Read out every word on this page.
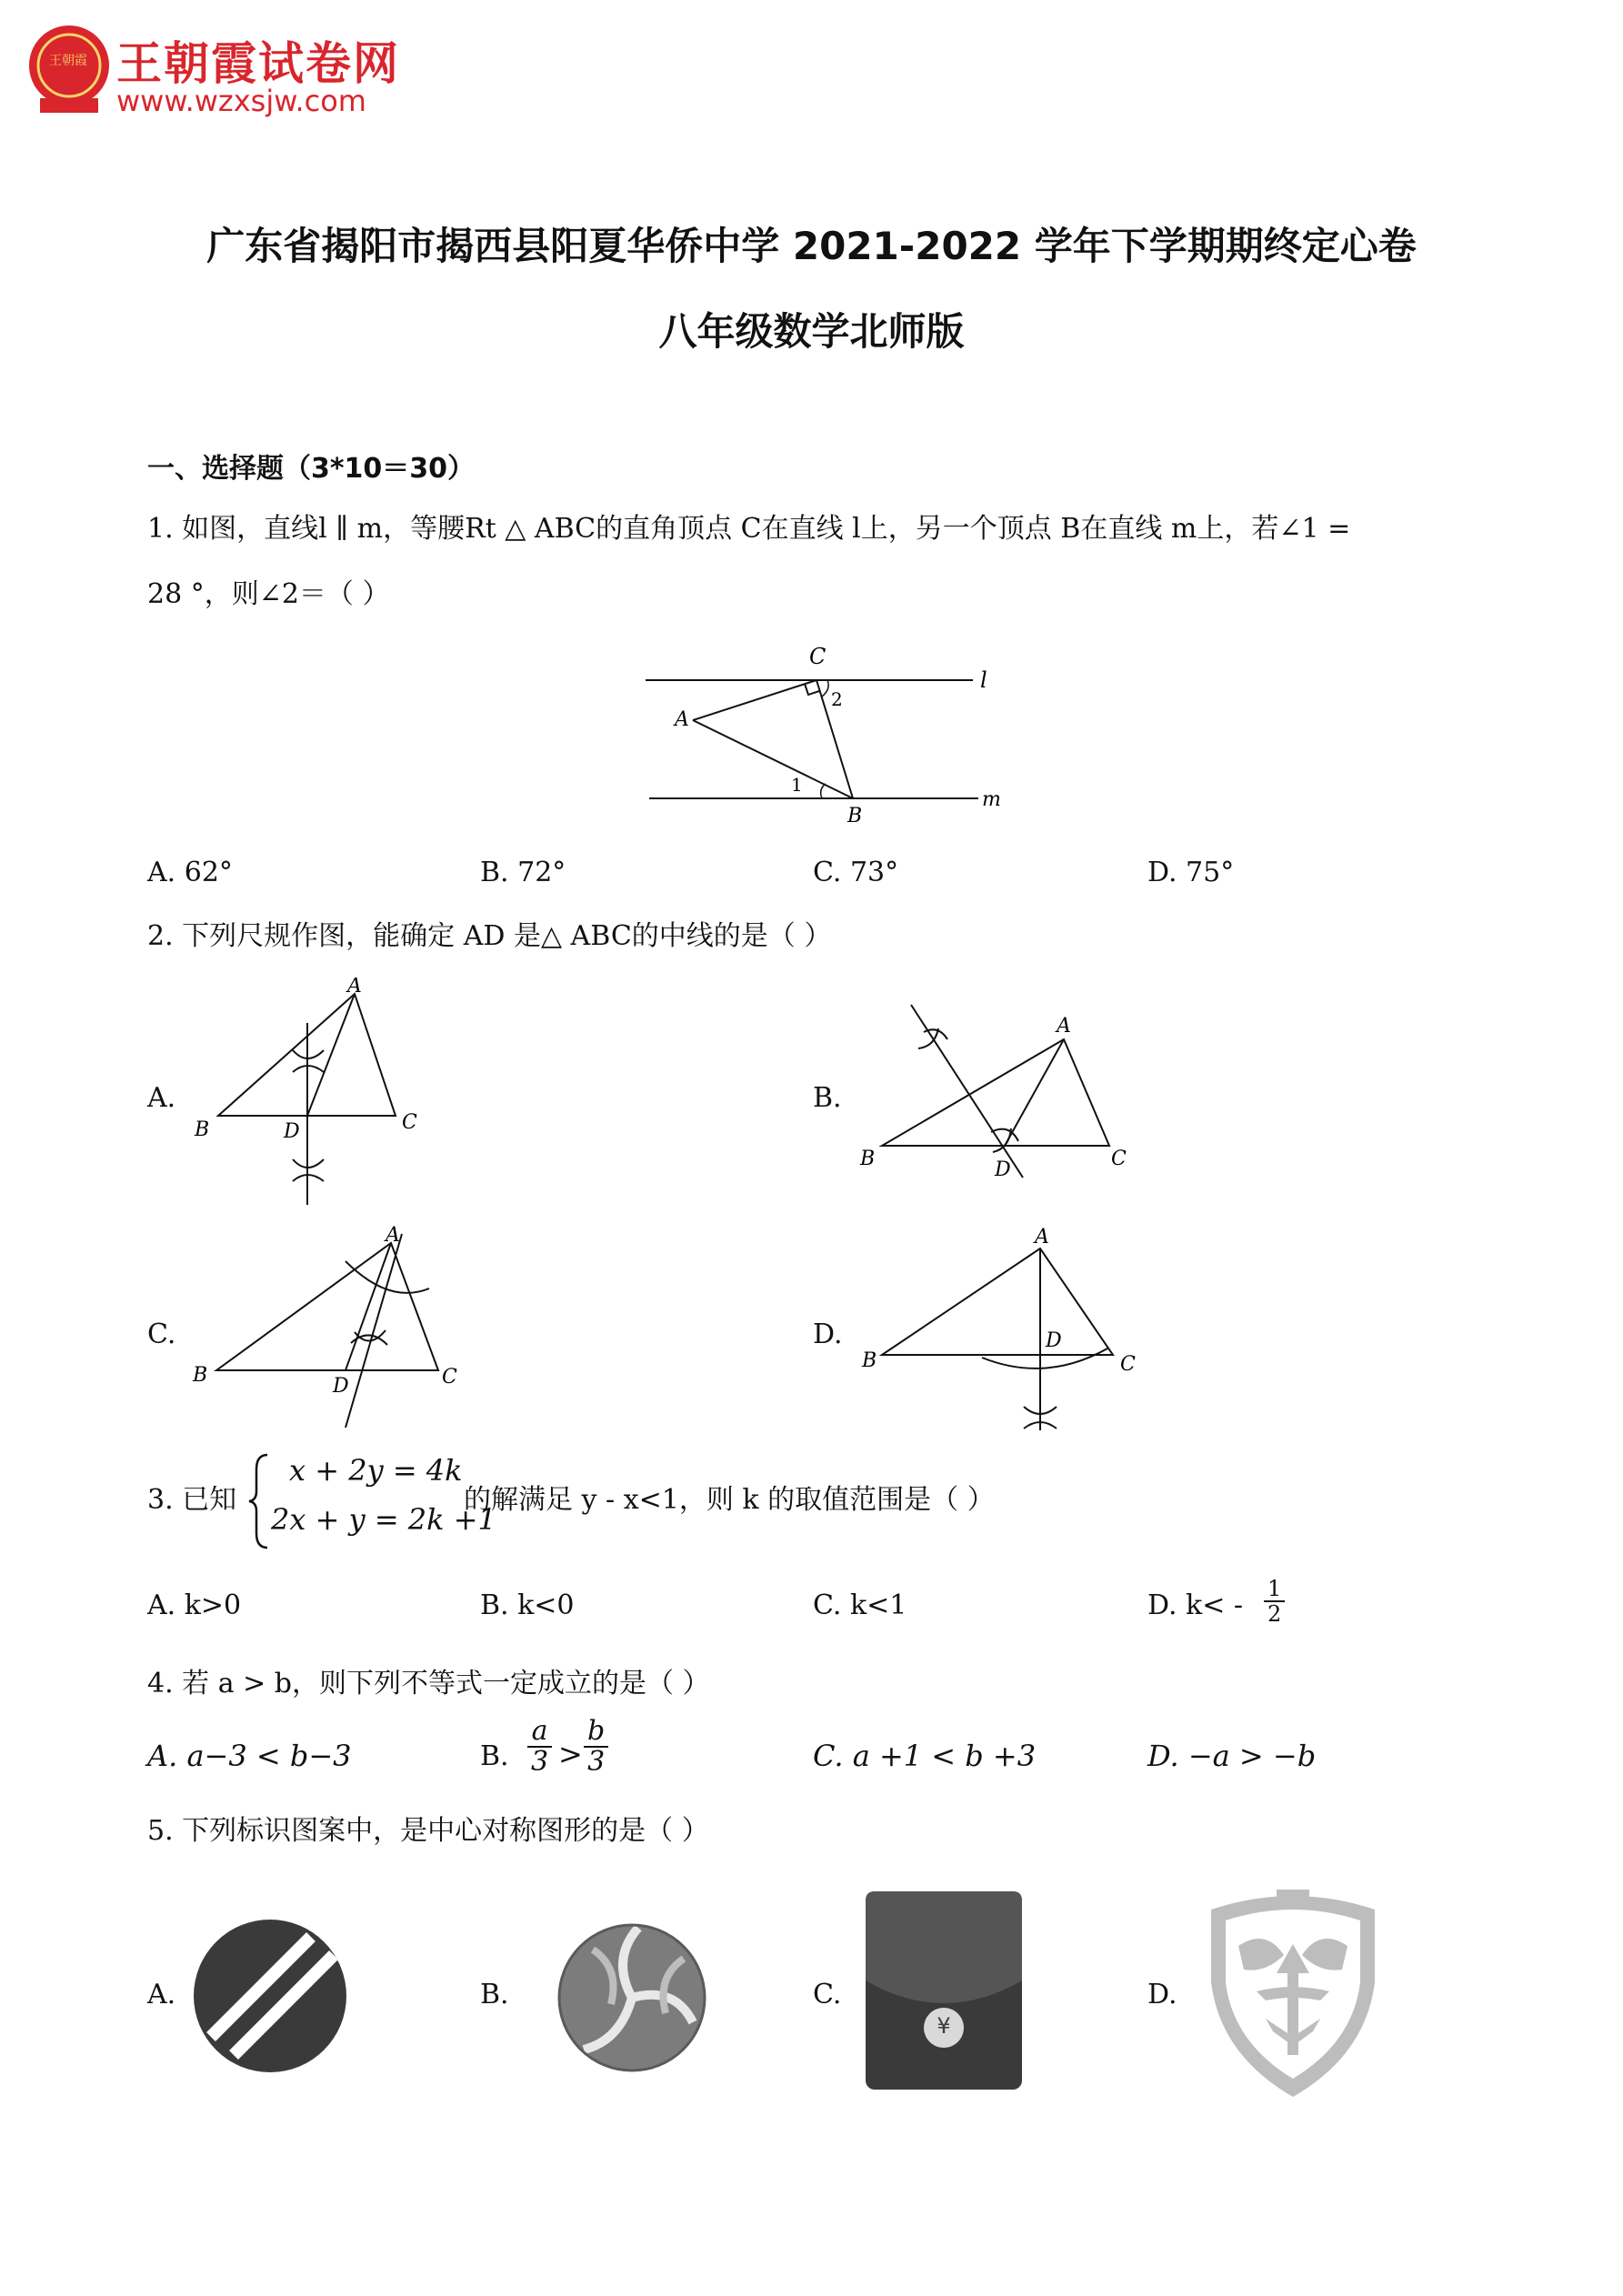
王朝霞 王朝霞试卷网
www.wzxsjw.com
广东省揭阳市揭西县阳夏华侨中学 2021-2022 学年下学期期终定心卷
八年级数学北师版
一、选择题（3*10＝30）
1. 如图，直线l ∥ m，等腰Rt △ ABC的直角顶点 C在直线 l上，另一个顶点 B在直线 m上，若∠1 =
28 °，则∠2＝（ ）
C
l
m
A
B
1
2
A. 62°	B. 72°	C. 73°	D. 75°
2. 下列尺规作图，能确定 AD 是△ ABC的中线的是（ ）
A.
A
B	C
D
B.
A
B	C
D
C.
A
B	C
D
D.
A
B	C
D
3. 已知
x + 2y = 4k
2x + y = 2k +1
的解满足 y - x<1，则 k 的取值范围是（ ）
A. k>0	B. k<0	C. k<1	D. $k< - \frac{1}{2}$
4. 若 a > b，则下列不等式一定成立的是（ ）
A. a−3 < b−3	B. $\frac{a}{3} > \frac{b}{3}$	C. a +1 < b +3	D. −a > −b
5. 下列标识图案中，是中心对称图形的是（ ）
A.	B.	C.
¥
D.
